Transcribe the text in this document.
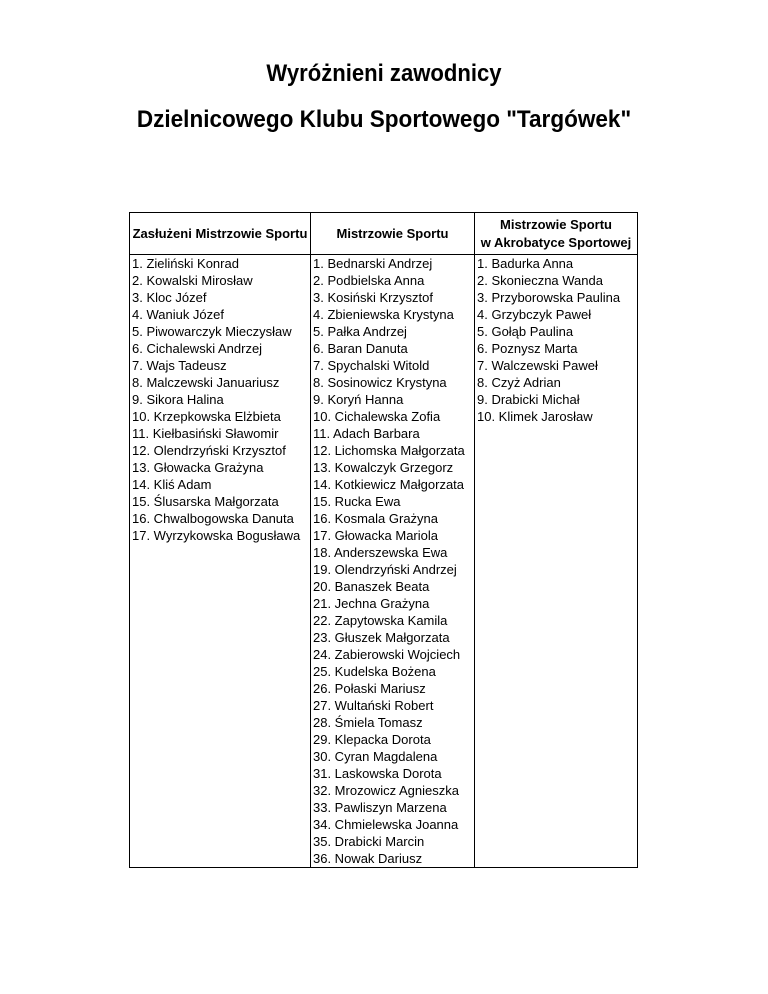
Wyróżnieni zawodnicy
Dzielnicowego Klubu Sportowego "Targówek"
Zasłużeni Mistrzowie Sportu	Mistrzowie Sportu	Mistrzowie Sportu
w Akrobatyce Sportowej
1. Zieliński Konrad	1. Bednarski Andrzej	1. Badurka Anna
2. Kowalski Mirosław	2. Podbielska Anna	2. Skonieczna Wanda
3. Kloc Józef	3. Kosiński Krzysztof	3. Przyborowska Paulina
4. Waniuk Józef	4. Zbieniewska Krystyna	4. Grzybczyk Paweł
5. Piwowarczyk Mieczysław	5. Pałka Andrzej	5. Gołąb Paulina
6. Cichalewski Andrzej	6. Baran Danuta	6. Poznysz Marta
7. Wajs Tadeusz	7. Spychalski Witold	7. Walczewski Paweł
8. Malczewski Januariusz	8. Sosinowicz Krystyna	8. Czyż Adrian
9. Sikora Halina	9. Koryń Hanna	9. Drabicki Michał
10. Krzepkowska Elżbieta	10. Cichalewska Zofia	10. Klimek Jarosław
11. Kiełbasiński Sławomir	11. Adach Barbara	
12. Olendrzyński Krzysztof	12. Lichomska Małgorzata	
13. Głowacka Grażyna	13. Kowalczyk Grzegorz	
14. Kliś Adam	14. Kotkiewicz Małgorzata	
15. Ślusarska Małgorzata	15. Rucka Ewa	
16. Chwalbogowska Danuta	16. Kosmala Grażyna	
17. Wyrzykowska Bogusława	17. Głowacka Mariola	
	18. Anderszewska Ewa	
	19. Olendrzyński Andrzej	
	20. Banaszek Beata	
	21. Jechna Grażyna	
	22. Zapytowska Kamila	
	23. Głuszek Małgorzata	
	24. Zabierowski Wojciech	
	25. Kudelska Bożena	
	26. Połaski Mariusz	
	27. Wultański Robert	
	28. Śmiela Tomasz	
	29. Klepacka Dorota	
	30. Cyran Magdalena	
	31. Laskowska Dorota	
	32. Mrozowicz Agnieszka	
	33. Pawliszyn Marzena	
	34. Chmielewska Joanna	
	35. Drabicki Marcin	
	36. Nowak Dariusz	
